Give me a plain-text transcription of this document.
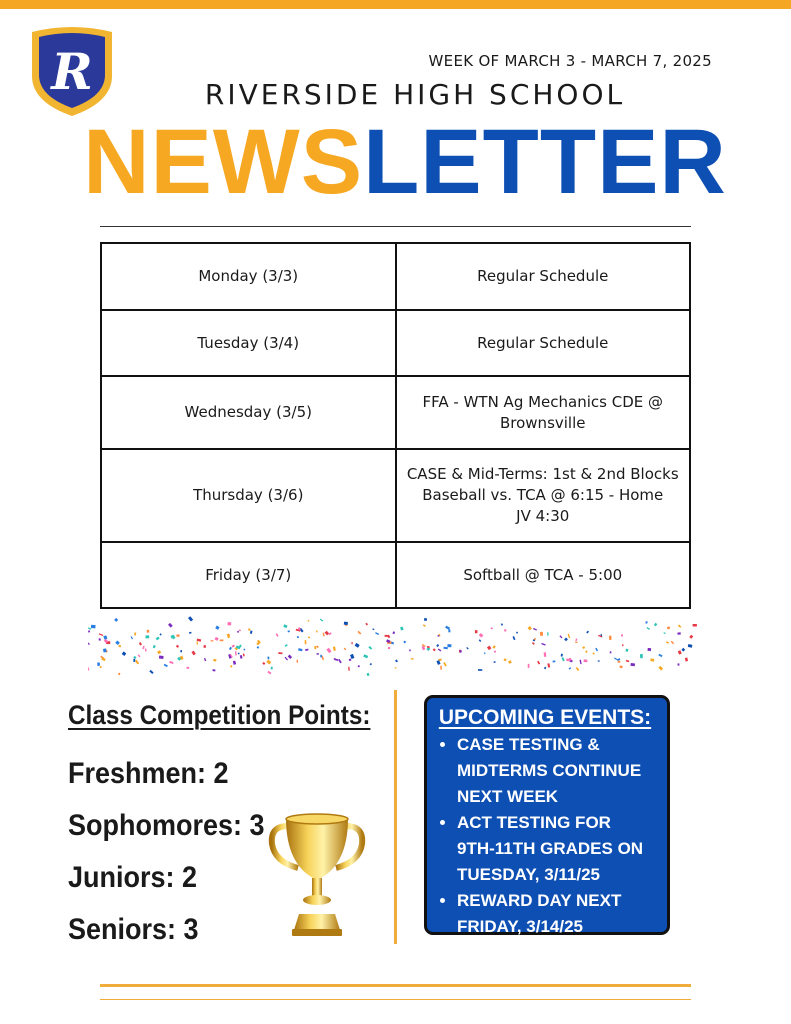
R	WEEK OF MARCH 3 - MARCH 7, 2025
RIVERSIDE HIGH SCHOOL
NEWSLETTER
Monday (3/3)	Regular Schedule

Tuesday (3/4)	Regular Schedule

Wednesday (3/5)	FFA - WTN Ag Mechanics CDE @
Brownsville

Thursday (3/6)	CASE & Mid-Terms: 1st & 2nd Blocks
Baseball vs. TCA @ 6:15 - Home
JV 4:30

Friday (3/7)	Softball @ TCA - 5:00
Class Competition Points:
Freshmen: 2
Sophomores: 3
Juniors: 2
Seniors: 3
UPCOMING EVENTS:
• CASE TESTING & MIDTERMS CONTINUE NEXT WEEK
• ACT TESTING FOR 9TH-11TH GRADES ON TUESDAY, 3/11/25
• REWARD DAY NEXT FRIDAY, 3/14/25
